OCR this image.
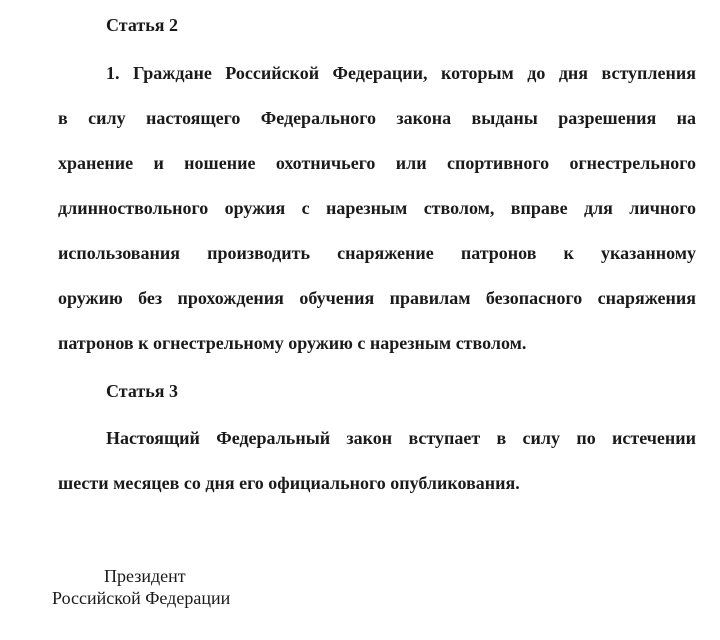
Статья 2
1. Граждане Российской Федерации, которым до дня вступления
в силу настоящего Федерального закона выданы разрешения на
хранение и ношение охотничьего или спортивного огнестрельного
длинноствольного оружия с нарезным стволом, вправе для личного
использования производить снаряжение патронов к указанному
оружию без прохождения обучения правилам безопасного снаряжения
патронов к огнестрельному оружию с нарезным стволом.
Статья 3
Настоящий Федеральный закон вступает в силу по истечении
шести месяцев со дня его официального опубликования.

Президент

Российской Федерации
